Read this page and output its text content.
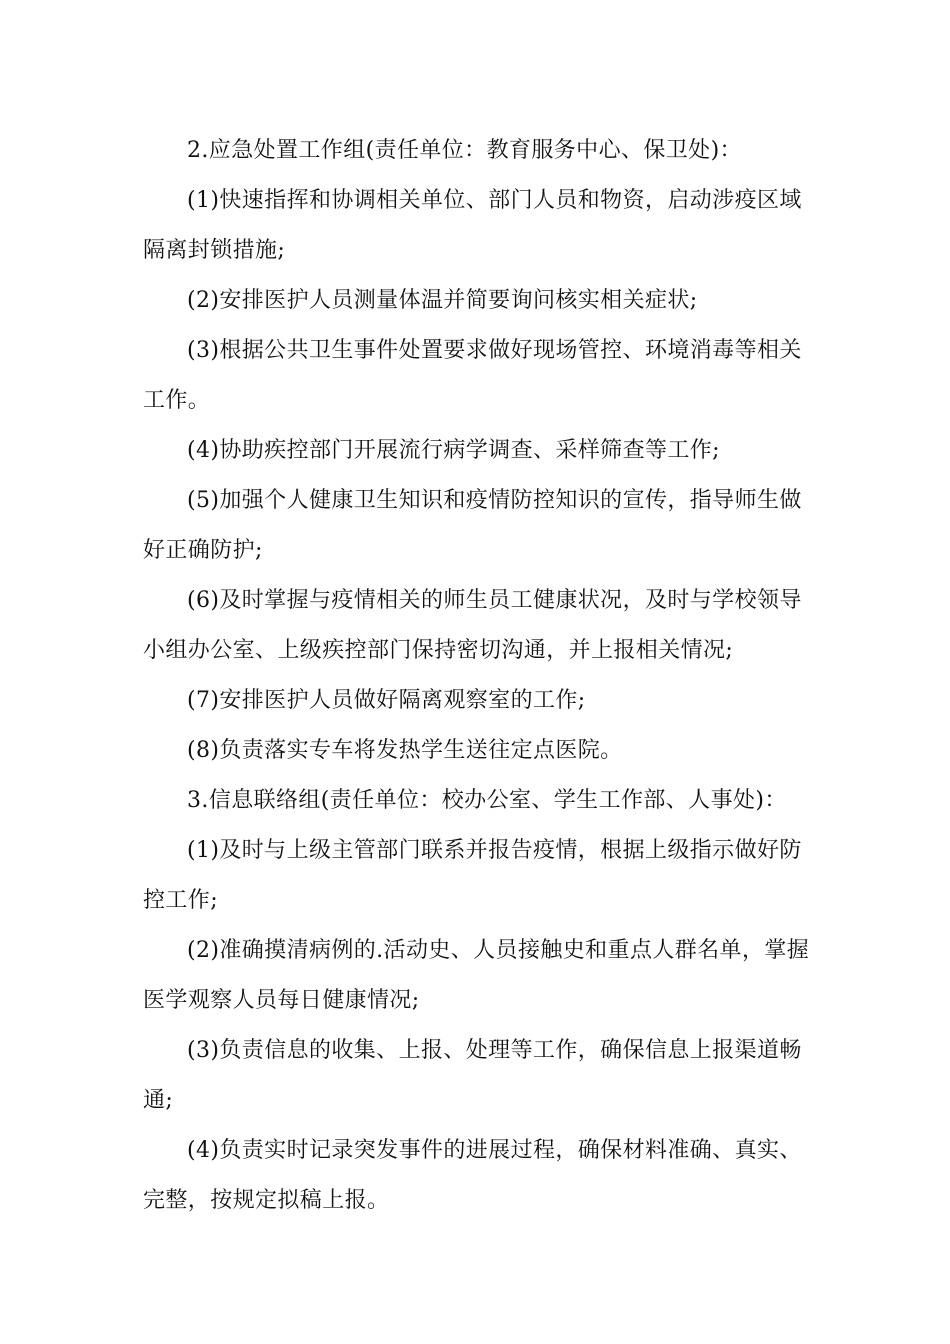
2.应急处置工作组(责任单位：教育服务中心、保卫处)：

(1)快速指挥和协调相关单位、部门人员和物资，启动涉疫区域隔离封锁措施;

(2)安排医护人员测量体温并简要询问核实相关症状;

(3)根据公共卫生事件处置要求做好现场管控、环境消毒等相关工作。

(4)协助疾控部门开展流行病学调查、采样筛查等工作;

(5)加强个人健康卫生知识和疫情防控知识的宣传，指导师生做好正确防护;

(6)及时掌握与疫情相关的师生员工健康状况，及时与学校领导小组办公室、上级疾控部门保持密切沟通，并上报相关情况;

(7)安排医护人员做好隔离观察室的工作;

(8)负责落实专车将发热学生送往定点医院。

3.信息联络组(责任单位：校办公室、学生工作部、人事处)：

(1)及时与上级主管部门联系并报告疫情，根据上级指示做好防控工作;

(2)准确摸清病例的.活动史、人员接触史和重点人群名单，掌握医学观察人员每日健康情况;

(3)负责信息的收集、上报、处理等工作，确保信息上报渠道畅通;

(4)负责实时记录突发事件的进展过程，确保材料准确、真实、完整，按规定拟稿上报。
